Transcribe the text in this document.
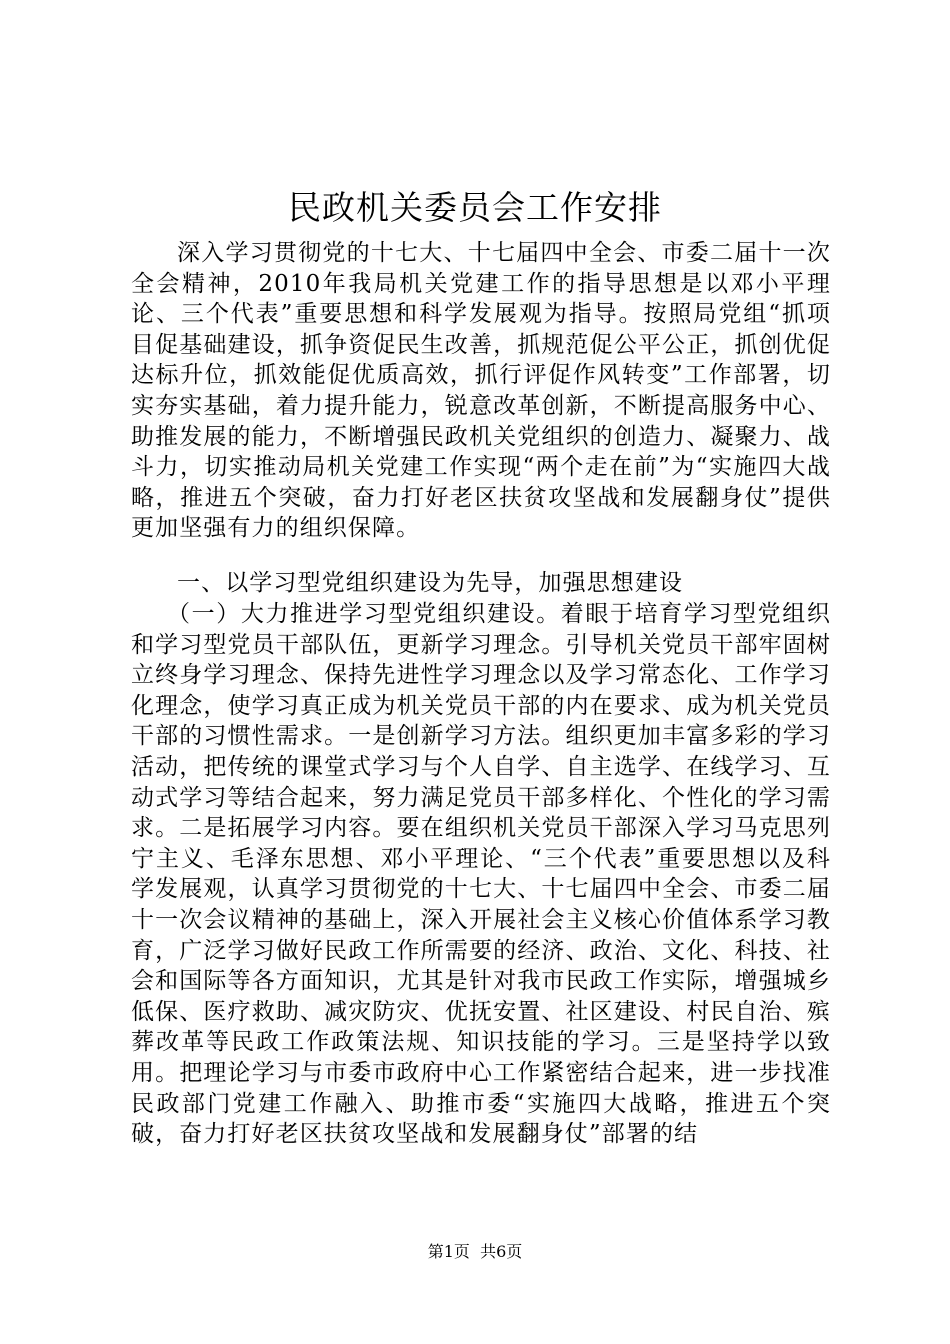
民政机关委员会工作安排

深入学习贯彻党的十七大、十七届四中全会、市委二届十一次全会精神，2010年我局机关党建工作的指导思想是以邓小平理论、三个代表”重要思想和科学发展观为指导。按照局党组“抓项目促基础建设，抓争资促民生改善，抓规范促公平公正，抓创优促达标升位，抓效能促优质高效，抓行评促作风转变”工作部署，切实夯实基础，着力提升能力，锐意改革创新，不断提高服务中心、助推发展的能力，不断增强民政机关党组织的创造力、凝聚力、战斗力，切实推动局机关党建工作实现“两个走在前”为“实施四大战略，推进五个突破，奋力打好老区扶贫攻坚战和发展翻身仗”提供更加坚强有力的组织保障。

一、以学习型党组织建设为先导，加强思想建设

（一）大力推进学习型党组织建设。着眼于培育学习型党组织和学习型党员干部队伍，更新学习理念。引导机关党员干部牢固树立终身学习理念、保持先进性学习理念以及学习常态化、工作学习化理念，使学习真正成为机关党员干部的内在要求、成为机关党员干部的习惯性需求。一是创新学习方法。组织更加丰富多彩的学习活动，把传统的课堂式学习与个人自学、自主选学、在线学习、互动式学习等结合起来，努力满足党员干部多样化、个性化的学习需求。二是拓展学习内容。要在组织机关党员干部深入学习马克思列宁主义、毛泽东思想、邓小平理论、“三个代表”重要思想以及科学发展观，认真学习贯彻党的十七大、十七届四中全会、市委二届十一次会议精神的基础上，深入开展社会主义核心价值体系学习教育，广泛学习做好民政工作所需要的经济、政治、文化、科技、社会和国际等各方面知识，尤其是针对我市民政工作实际，增强城乡低保、医疗救助、减灾防灾、优抚安置、社区建设、村民自治、殡葬改革等民政工作政策法规、知识技能的学习。三是坚持学以致用。把理论学习与市委市政府中心工作紧密结合起来，进一步找准民政部门党建工作融入、助推市委“实施四大战略，推进五个突破，奋力打好老区扶贫攻坚战和发展翻身仗”部署的结

第1页  共6页
